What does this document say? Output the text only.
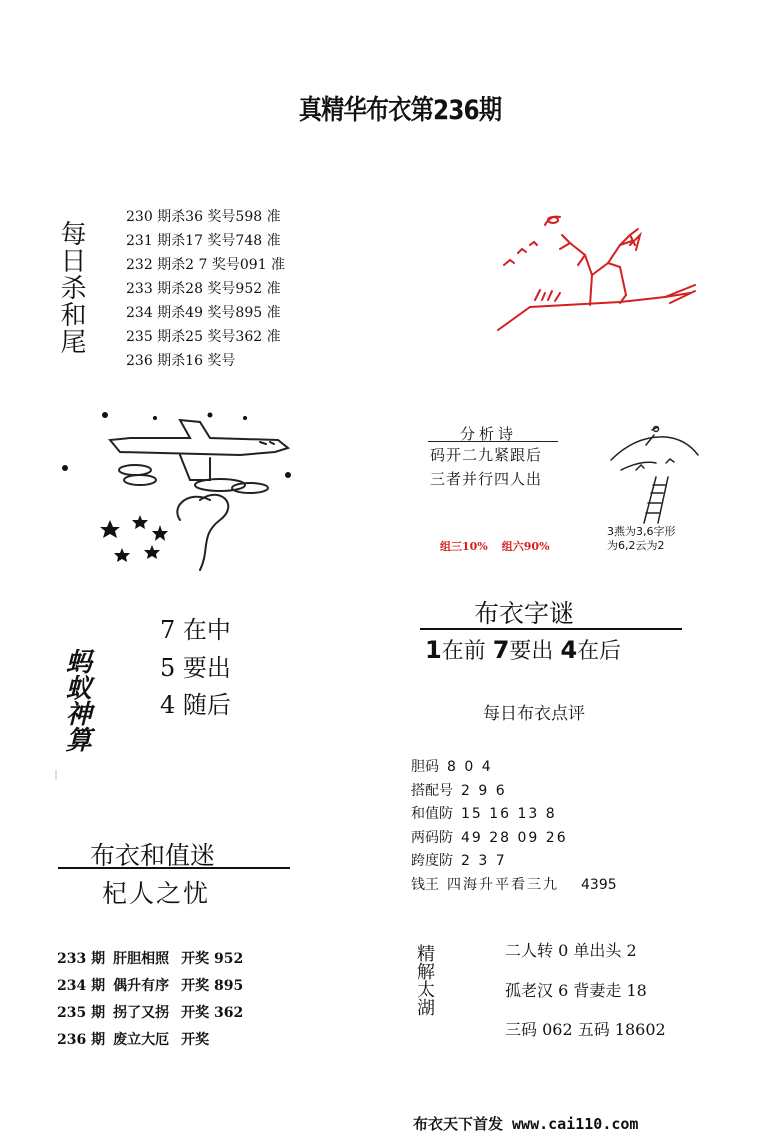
真精华布衣第236期
每日杀和尾
230 期杀36 奖号598 准
231 期杀17 奖号748 准
232 期杀2 7 奖号091 准
233 期杀28 奖号952 准
234 期杀49 奖号895 准
235 期杀25 奖号362 准
236 期杀16 奖号
分析诗
码开二九紧跟后
三者并行四人出
组三10% 组六90%
3燕为3,6字形
为6,2云为2
蚂蚁神算
7 在中
5 要出
4 随后
布衣字谜
1在前 7要出 4在后
每日布衣点评
胆码 8 0 4
搭配号 2 9 6
和值防 15 16 13 8
两码防 49 28 09 26
跨度防 2 3 7
钱王 四海升平看三九 4395
布衣和值迷
杞人之忧
233 期 肝胆相照 开奖 952
234 期 偶升有序 开奖 895
235 期 拐了又拐 开奖 362
236 期 废立大厄 开奖
精解太湖	二人转 0 单出头 2
孤老汉 6 背妻走 18
三码 062 五码 18602
布衣天下首发 www.cai110.com
